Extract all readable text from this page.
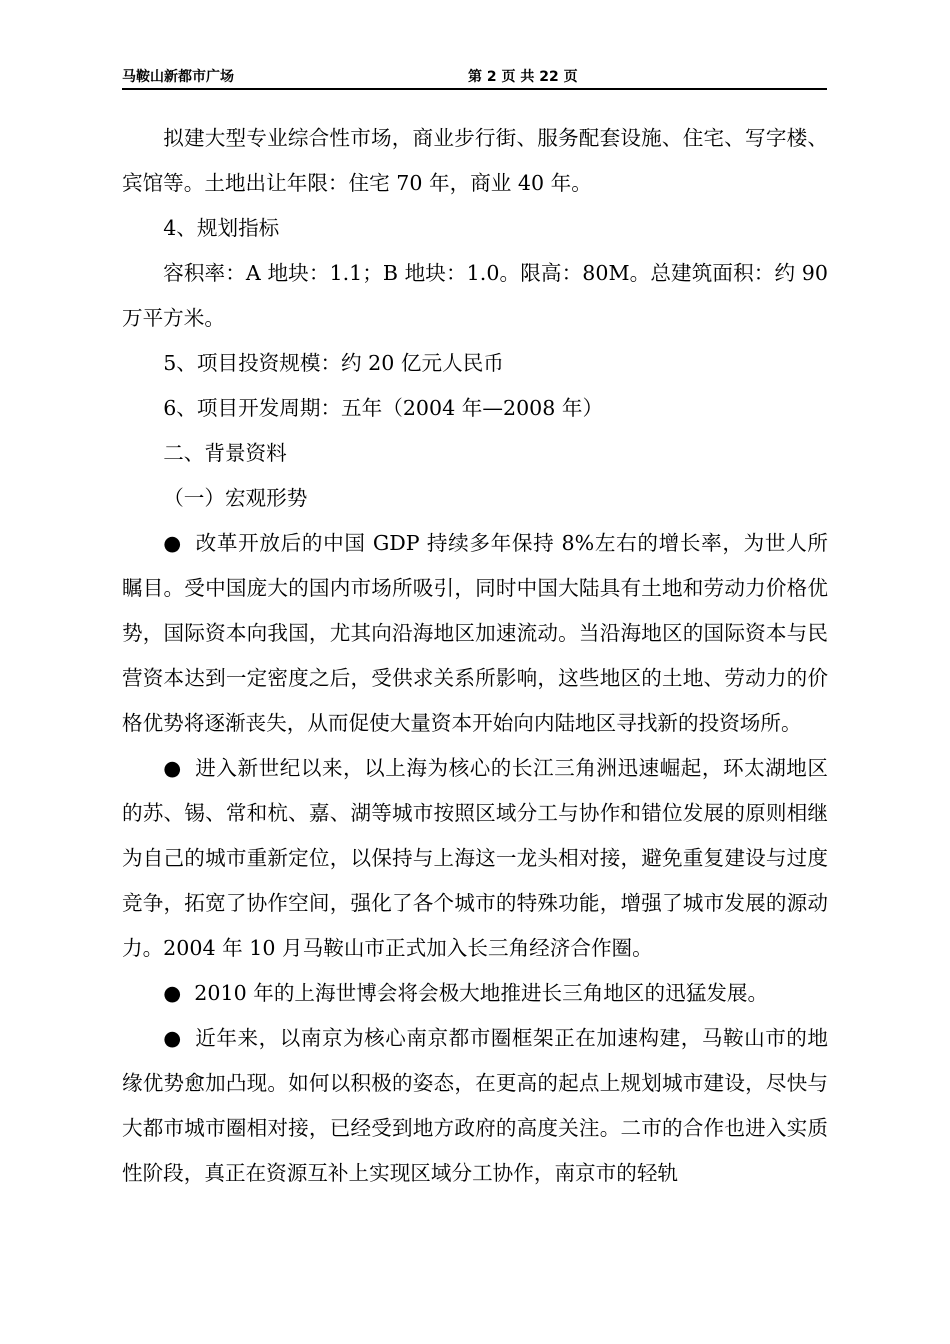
马鞍山新都市广场	第 2 页 共 22 页

拟建大型专业综合性市场，商业步行街、服务配套设施、住宅、写字楼、宾馆等。土地出让年限：住宅 70 年，商业 40 年。

4、规划指标

容积率：A 地块：1.1；B 地块：1.0。限高：80M。总建筑面积：约 90 万平方米。

5、项目投资规模：约 20 亿元人民币

6、项目开发周期：五年（2004 年—2008 年）

二、背景资料

（一）宏观形势

● 改革开放后的中国 GDP 持续多年保持 8%左右的增长率，为世人所瞩目。受中国庞大的国内市场所吸引，同时中国大陆具有土地和劳动力价格优势，国际资本向我国，尤其向沿海地区加速流动。当沿海地区的国际资本与民营资本达到一定密度之后，受供求关系所影响，这些地区的土地、劳动力的价格优势将逐渐丧失，从而促使大量资本开始向内陆地区寻找新的投资场所。

● 进入新世纪以来，以上海为核心的长江三角洲迅速崛起，环太湖地区的苏、锡、常和杭、嘉、湖等城市按照区域分工与协作和错位发展的原则相继为自己的城市重新定位，以保持与上海这一龙头相对接，避免重复建设与过度竞争，拓宽了协作空间，强化了各个城市的特殊功能，增强了城市发展的源动力。2004 年 10 月马鞍山市正式加入长三角经济合作圈。

● 2010 年的上海世博会将会极大地推进长三角地区的迅猛发展。

● 近年来，以南京为核心南京都市圈框架正在加速构建，马鞍山市的地缘优势愈加凸现。如何以积极的姿态，在更高的起点上规划城市建设，尽快与大都市城市圈相对接，已经受到地方政府的高度关注。二市的合作也进入实质性阶段，真正在资源互补上实现区域分工协作，南京市的轻轨
